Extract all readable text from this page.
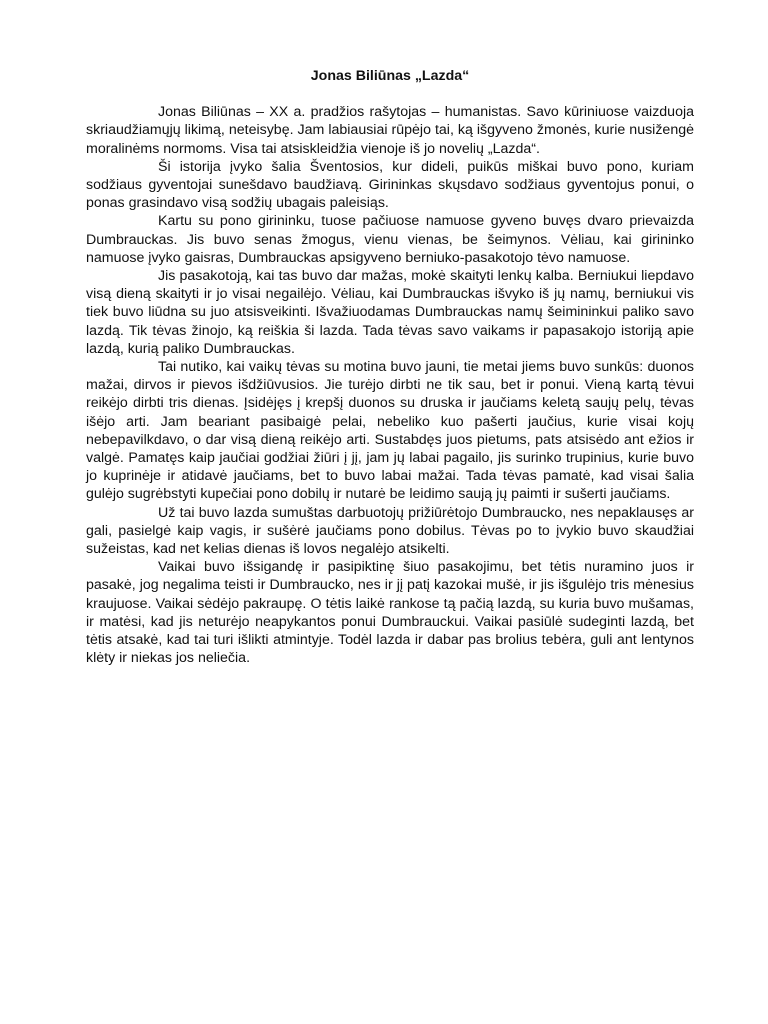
Jonas Biliūnas „Lazda“

Jonas Biliūnas – XX a. pradžios rašytojas – humanistas. Savo kūriniuose vaizduoja skriaudžiamųjų likimą, neteisybę. Jam labiausiai rūpėjo tai, ką išgyveno žmonės, kurie nusižengė moralinėms normoms. Visa tai atsiskleidžia vienoje iš jo novelių „Lazda“.

Ši istorija įvyko šalia Šventosios, kur dideli, puikūs miškai buvo pono, kuriam sodžiaus gyventojai sunešdavo baudžiavą. Girininkas skųsdavo sodžiaus gyventojus ponui, o ponas grasindavo visą sodžių ubagais paleisiąs.

Kartu su pono girininku, tuose pačiuose namuose gyveno buvęs dvaro prievaizda Dumbrauckas. Jis buvo senas žmogus, vienu vienas, be šeimynos. Vėliau, kai girininko namuose įvyko gaisras, Dumbrauckas apsigyveno berniuko-pasakotojo tėvo namuose.

Jis pasakotoją, kai tas buvo dar mažas, mokė skaityti lenkų kalba. Berniukui liepdavo visą dieną skaityti ir jo visai negailėjo. Vėliau, kai Dumbrauckas išvyko iš jų namų, berniukui vis tiek buvo liūdna su juo atsisveikinti. Išvažiuodamas Dumbrauckas namų šeimininkui paliko savo lazdą. Tik tėvas žinojo, ką reiškia ši lazda. Tada tėvas savo vaikams ir papasakojo istoriją apie lazdą, kurią paliko Dumbrauckas.

Tai nutiko, kai vaikų tėvas su motina buvo jauni, tie metai jiems buvo sunkūs: duonos mažai, dirvos ir pievos išdžiūvusios. Jie turėjo dirbti ne tik sau, bet ir ponui. Vieną kartą tėvui reikėjo dirbti tris dienas. Įsidėjęs į krepšį duonos su druska ir jaučiams keletą saujų pelų, tėvas išėjo arti. Jam beariant pasibaigė pelai, nebeliko kuo pašerti jaučius, kurie visai kojų nebepavilkdavo, o dar visą dieną reikėjo arti. Sustabdęs juos pietums, pats atsisėdo ant ežios ir valgė. Pamatęs kaip jaučiai godžiai žiūri į jį, jam jų labai pagailo, jis surinko trupinius, kurie buvo jo kuprinėje ir atidavė jaučiams, bet to buvo labai mažai. Tada tėvas pamatė, kad visai šalia gulėjo sugrėbstyti kupečiai pono dobilų ir nutarė be leidimo saują jų paimti ir sušerti jaučiams.

Už tai buvo lazda sumuštas darbuotojų prižiūrėtojo Dumbraucko, nes nepaklausęs ar gali, pasielgė kaip vagis, ir sušėrė jaučiams pono dobilus. Tėvas po to įvykio buvo skaudžiai sužeistas, kad net kelias dienas iš lovos negalėjo atsikelti.

Vaikai buvo išsigandę ir pasipiktinę šiuo pasakojimu, bet tėtis nuramino juos ir pasakė, jog negalima teisti ir Dumbraucko, nes ir jį patį kazokai mušė, ir jis išgulėjo tris mėnesius kraujuose. Vaikai sėdėjo pakraupę. O tėtis laikė rankose tą pačią lazdą, su kuria buvo mušamas, ir matėsi, kad jis neturėjo neapykantos ponui Dumbrauckui. Vaikai pasiūlė sudeginti lazdą, bet tėtis atsakė, kad tai turi išlikti atmintyje. Todėl lazda ir dabar pas brolius tebėra, guli ant lentynos klėty ir niekas jos neliečia.
